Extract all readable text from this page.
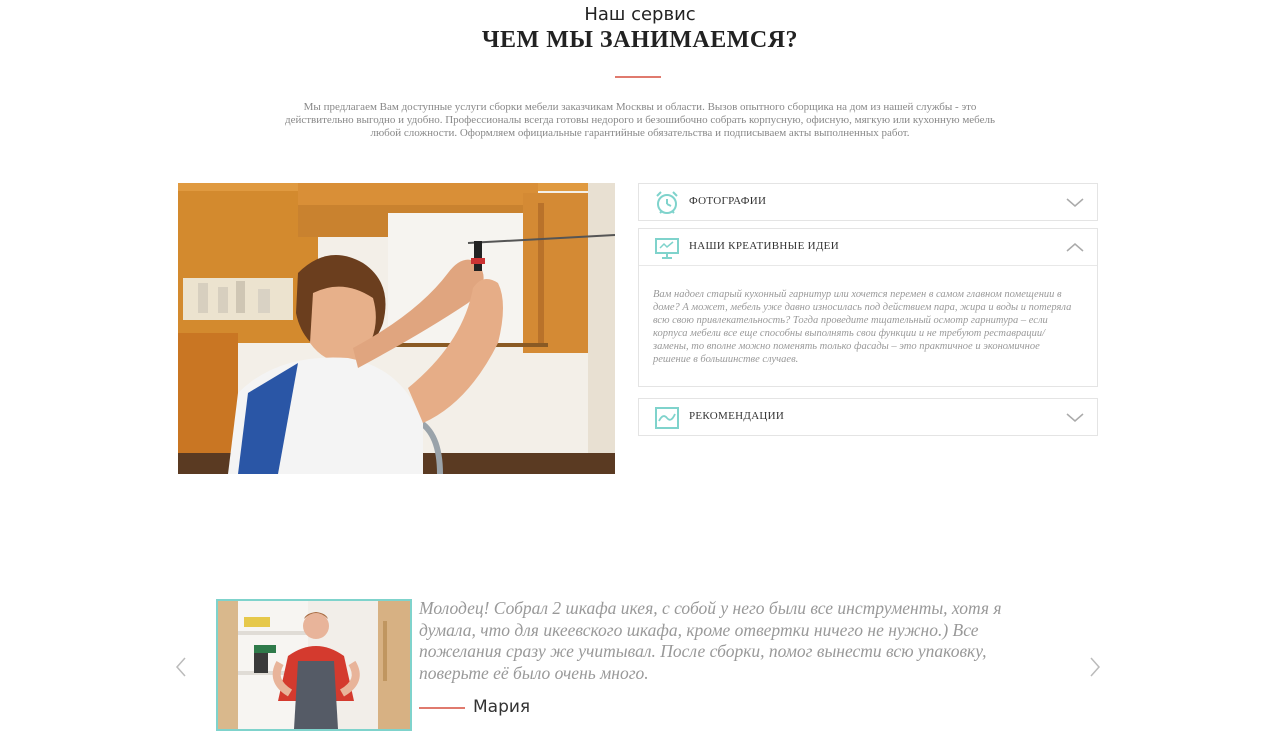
Наш сервис
ЧЕМ МЫ ЗАНИМАЕМСЯ?
Мы предлагаем Вам доступные услуги сборки мебели заказчикам Москвы и области. Вызов опытного сборщика на дом из нашей службы - это действительно выгодно и удобно. Профессионалы всегда готовы недорого и безошибочно собрать корпусную, офисную, мягкую или кухонную мебель любой сложности. Оформляем официальные гарантийные обязательства и подписываем акты выполненных работ.
ФОТОГРАФИИ
НАШИ КРЕАТИВНЫЕ ИДЕИ
Вам надоел старый кухонный гарнитур или хочется перемен в самом главном помещении в доме? А может, мебель уже давно износилась под действием пара, жира и воды и потеряла всю свою привлекательность? Тогда проведите тщательный осмотр гарнитура – если корпуса мебели все еще способны выполнять свои функции и не требуют реставрации/замены, то вполне можно поменять только фасады – это практичное и экономичное решение в большинстве случаев.
РЕКОМЕНДАЦИИ
Молодец! Собрал 2 шкафа икея, с собой у него были все инструменты, хотя я думала, что для икеевского шкафа, кроме отвертки ничего не нужно.) Все пожелания сразу же учитывал. После сборки, помог вынести всю упаковку, поверьте её было очень много.
Мария
